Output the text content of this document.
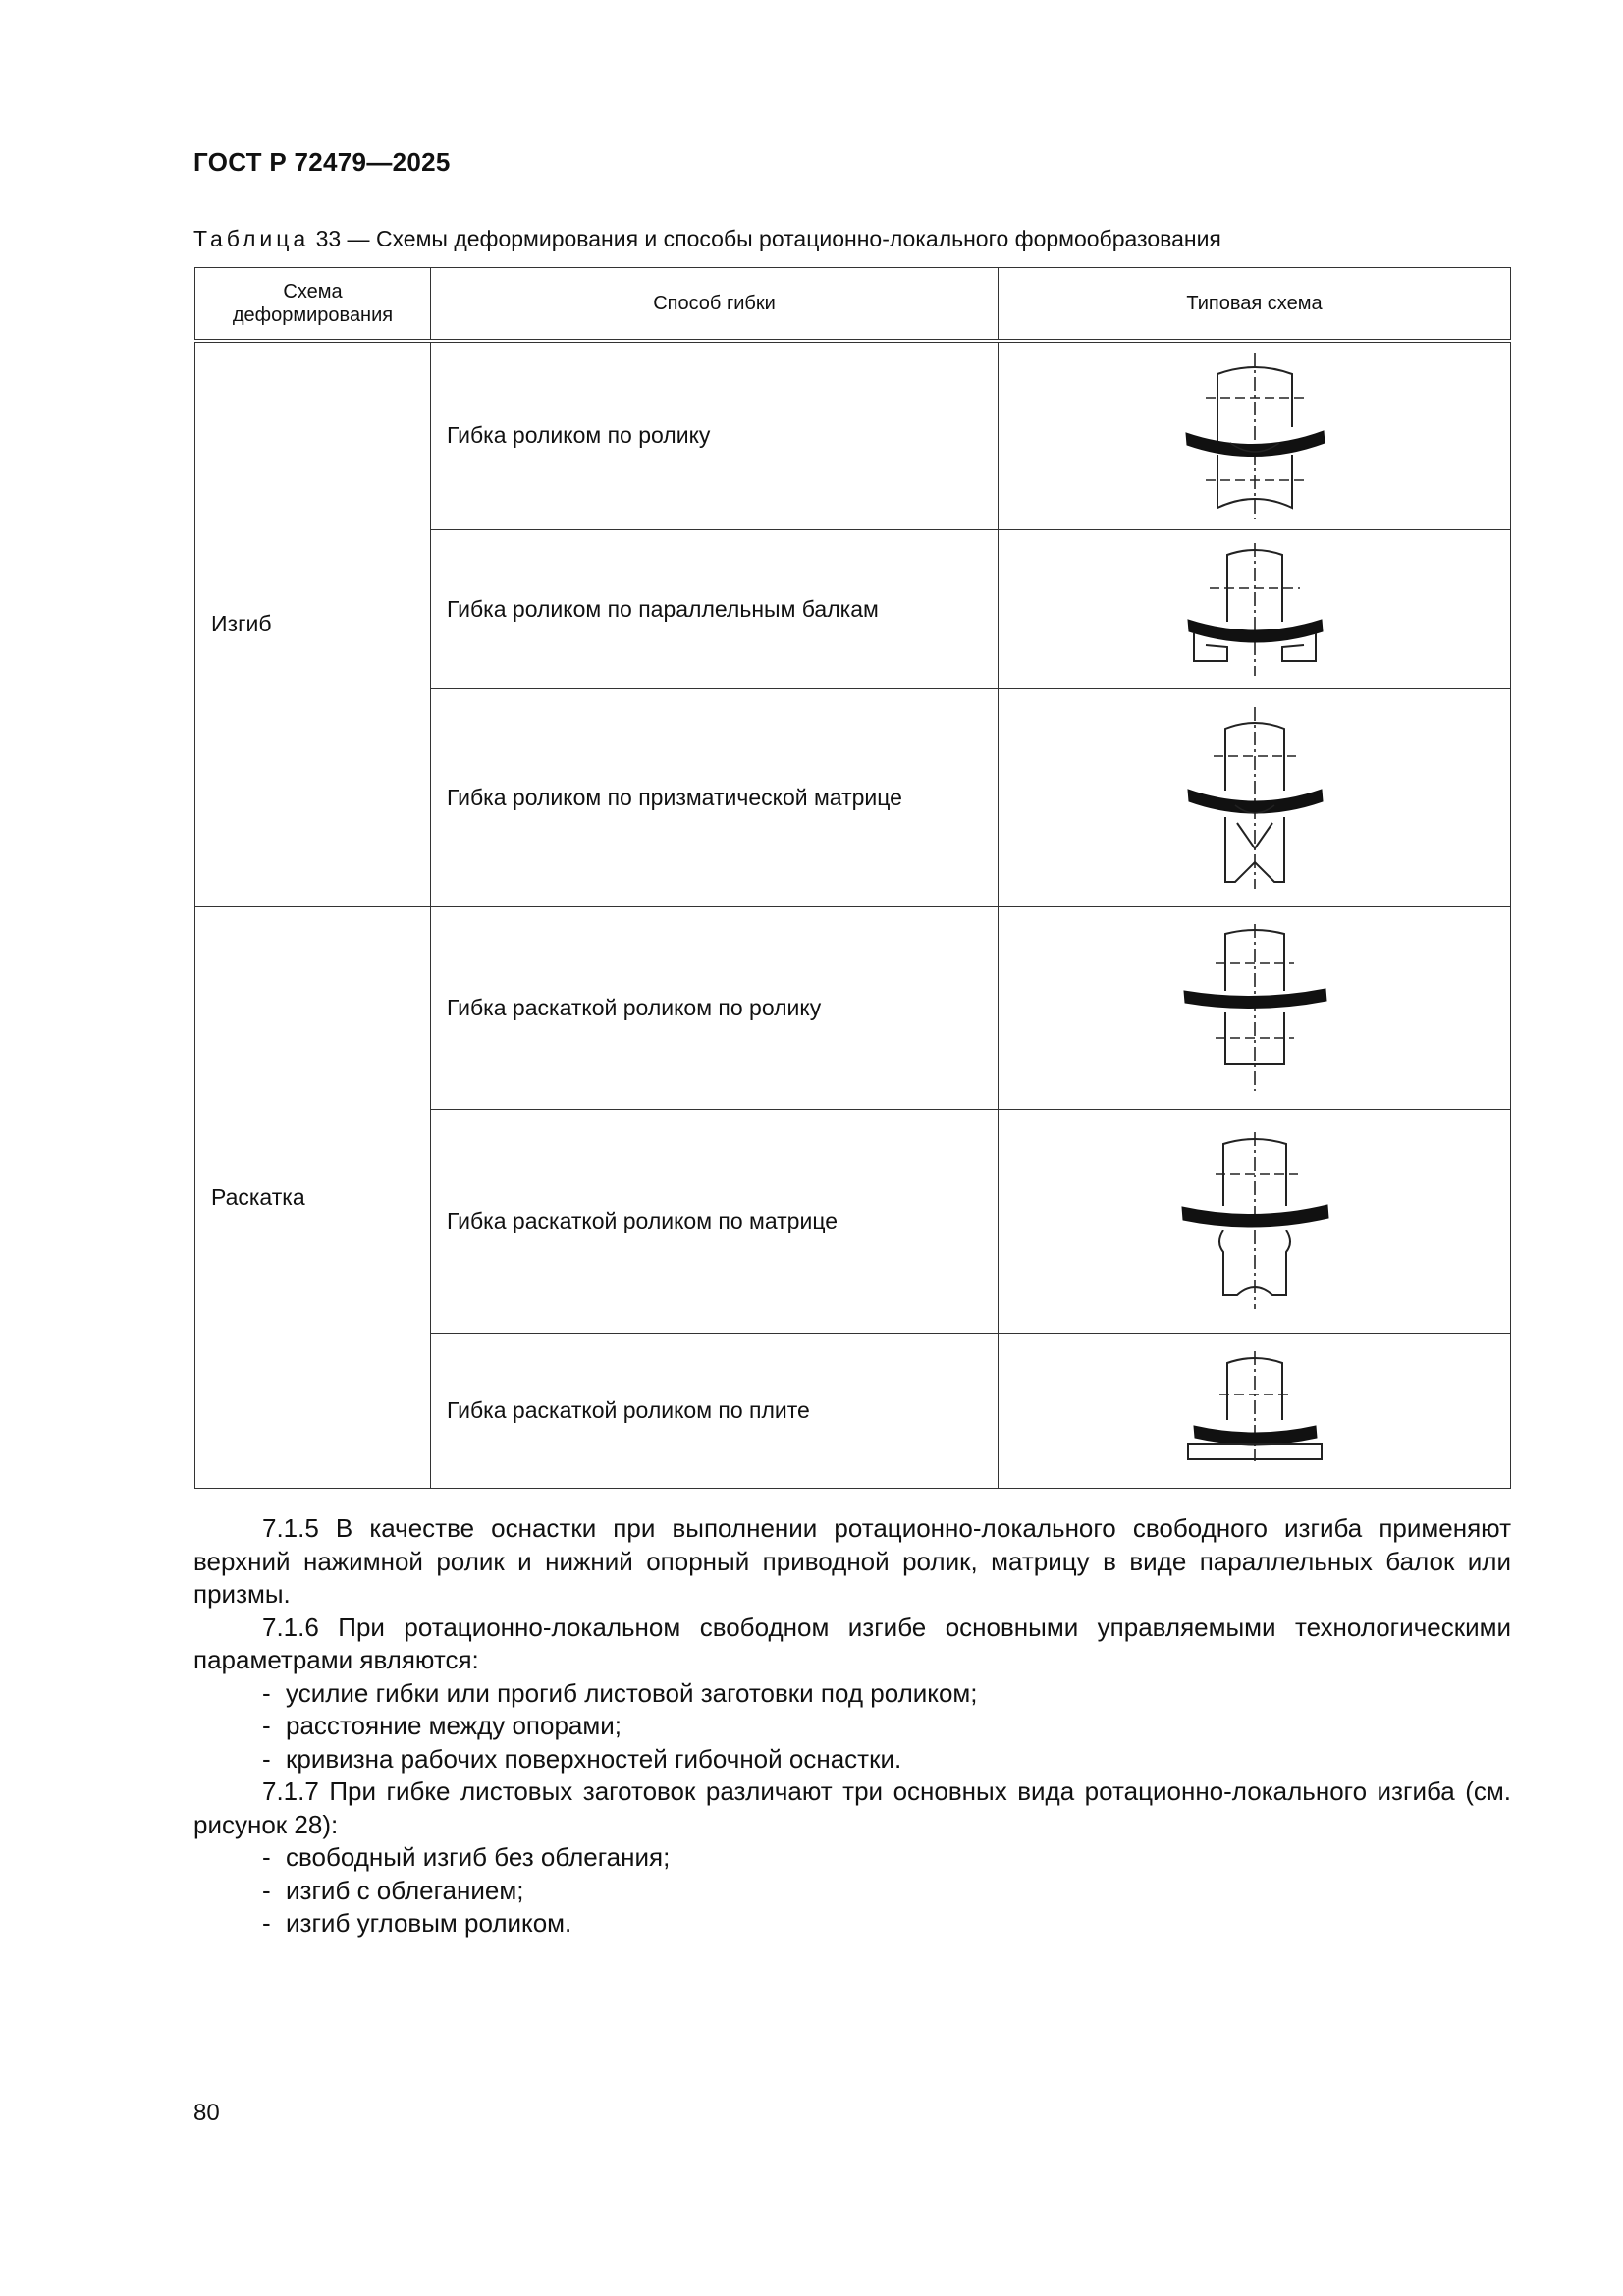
ГОСТ Р 72479—2025
Таблица 33 — Схемы деформирования и способы ротационно-локального формообразования
Схема деформирования	Способ гибки	Типовая схема
Изгиб	Гибка роликом по ролику	

	Гибка роликом по параллельным балкам	

	Гибка роликом по призматической матрице	

Раскатка	Гибка раскаткой роликом по ролику	

	Гибка раскаткой роликом по матрице	

	Гибка раскаткой роликом по плите	

7.1.5 В качестве оснастки при выполнении ротационно-локального свободного изгиба применяют верхний нажимной ролик и нижний опорный приводной ролик, матрицу в виде параллельных балок или призмы.

7.1.6 При ротационно-локальном свободном изгибе основными управляемыми технологическими параметрами являются:

- усилие гибки или прогиб листовой заготовки под роликом;

- расстояние между опорами;

- кривизна рабочих поверхностей гибочной оснастки.

7.1.7 При гибке листовых заготовок различают три основных вида ротационно-локального изгиба (см. рисунок 28):

- свободный изгиб без облегания;

- изгиб с облеганием;

- изгиб угловым роликом.

80
